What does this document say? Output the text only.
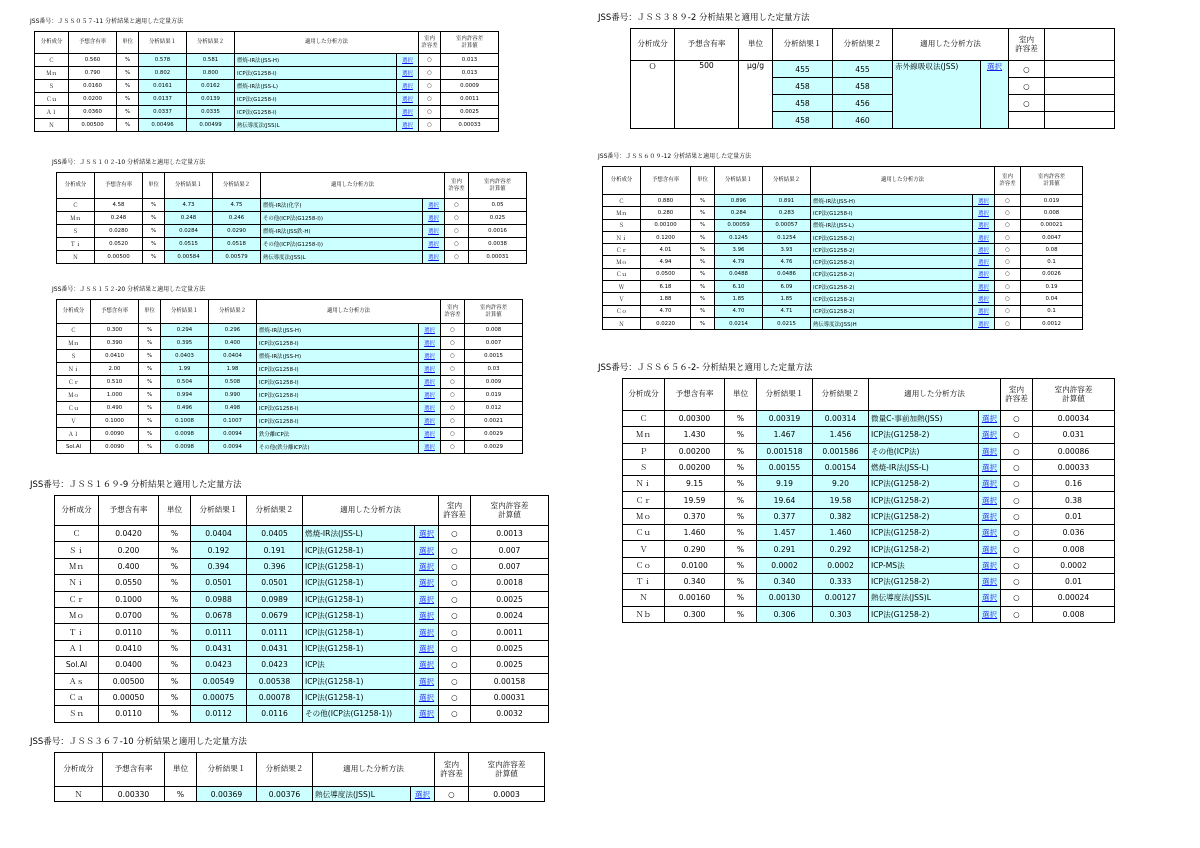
JSS番号：ＪＳＳ０５７-11 分析結果と適用した定量方法
分析成分	予想含有率	単位	分析結果１	分析結果２	適用した分析方法		室内
許容差	室内許容差
計算値
Ｃ	0.560	%	0.578	0.581	燃焼-IR法(JSS-H)	選択	○	0.013
Ｍｎ	0.790	%	0.802	0.800	ICP法(G1258-Ⅰ)	選択	○	0.013
Ｓ	0.0160	%	0.0161	0.0162	燃焼-IR法(JSS-L)	選択	○	0.0009
Ｃｕ	0.0200	%	0.0137	0.0139	ICP法(G1258-Ⅰ)	選択	○	0.0011
Ａｌ	0.0360	%	0.0337	0.0335	ICP法(G1258-Ⅰ)	選択	○	0.0025
Ｎ	0.00500	%	0.00496	0.00499	熱伝導度法(JSS)L	選択	○	0.00033
JSS番号：ＪＳＳ１０２-10 分析結果と適用した定量方法
分析成分	予想含有率	単位	分析結果１	分析結果２	適用した分析方法		室内
許容差	室内許容差
計算値
Ｃ	4.58	%	4.73	4.75	燃焼-IR法(化学)	選択	○	0.05
Ｍｎ	0.248	%	0.248	0.246	その他(ICP法(G1258-Ⅰ))	選択	○	0.025
Ｓ	0.0280	%	0.0284	0.0290	燃焼-IR法(JSS鉄-H)	選択	○	0.0016
Ｔｉ	0.0520	%	0.0515	0.0518	その他(ICP法(G1258-Ⅰ))	選択	○	0.0038
Ｎ	0.00500	%	0.00584	0.00579	熱伝導度法(JSS)L	選択	○	0.00031
JSS番号：ＪＳＳ１５２-20 分析結果と適用した定量方法
分析成分	予想含有率	単位	分析結果１	分析結果２	適用した分析方法		室内
許容差	室内許容差
計算値
Ｃ	0.300	%	0.294	0.296	燃焼-IR法(JSS-H)	選択	○	0.008
Ｍｎ	0.390	%	0.395	0.400	ICP法(G1258-Ⅰ)	選択	○	0.007
Ｓ	0.0410	%	0.0403	0.0404	燃焼-IR法(JSS-H)	選択	○	0.0015
Ｎｉ	2.00	%	1.99	1.98	ICP法(G1258-Ⅰ)	選択	○	0.03
Ｃｒ	0.510	%	0.504	0.508	ICP法(G1258-Ⅰ)	選択	○	0.009
Ｍｏ	1.000	%	0.994	0.990	ICP法(G1258-Ⅰ)	選択	○	0.019
Ｃｕ	0.490	%	0.496	0.498	ICP法(G1258-Ⅰ)	選択	○	0.012
Ｖ	0.1000	%	0.1008	0.1007	ICP法(G1258-Ⅰ)	選択	○	0.0021
Ａｌ	0.0090	%	0.0098	0.0094	鉄分離ICP法	選択	○	0.0029
Sol.Al	0.0090	%	0.0098	0.0094	その他(鉄分離ICP法)	選択	○	0.0029
JSS番号：ＪＳＳ１６９-9 分析結果と適用した定量方法
分析成分	予想含有率	単位	分析結果１	分析結果２	適用した分析方法		室内
許容差	室内許容差
計算値
Ｃ	0.0420	%	0.0404	0.0405	燃焼-IR法(JSS-L)	選択	○	0.0013
Ｓｉ	0.200	%	0.192	0.191	ICP法(G1258-1)	選択	○	0.007
Ｍｎ	0.400	%	0.394	0.396	ICP法(G1258-1)	選択	○	0.007
Ｎｉ	0.0550	%	0.0501	0.0501	ICP法(G1258-1)	選択	○	0.0018
Ｃｒ	0.1000	%	0.0988	0.0989	ICP法(G1258-1)	選択	○	0.0025
Ｍｏ	0.0700	%	0.0678	0.0679	ICP法(G1258-1)	選択	○	0.0024
Ｔｉ	0.0110	%	0.0111	0.0111	ICP法(G1258-1)	選択	○	0.0011
Ａｌ	0.0410	%	0.0431	0.0431	ICP法(G1258-1)	選択	○	0.0025
Sol.Al	0.0400	%	0.0423	0.0423	ICP法	選択	○	0.0025
Ａｓ	0.00500	%	0.00549	0.00538	ICP法(G1258-1)	選択	○	0.00158
Ｃａ	0.00050	%	0.00075	0.00078	ICP法(G1258-1)	選択	○	0.00031
Ｓｎ	0.0110	%	0.0112	0.0116	その他(ICP法(G1258-1))	選択	○	0.0032
JSS番号：ＪＳＳ３６７-10 分析結果と適用した定量方法
分析成分	予想含有率	単位	分析結果１	分析結果２	適用した分析方法		室内
許容差	室内許容差
計算値
Ｎ	0.00330	%	0.00369	0.00376	熱伝導度法(JSS)L	選択	○	0.0003
JSS番号：ＪＳＳ６０９-12 分析結果と適用した定量方法
分析成分	予想含有率	単位	分析結果１	分析結果２	適用した分析方法		室内
許容差	室内許容差
計算値
Ｃ	0.880	%	0.896	0.891	燃焼-IR法(JSS-H)	選択	○	0.019
Ｍｎ	0.280	%	0.284	0.283	ICP法(G1258-Ⅰ)	選択	○	0.008
Ｓ	0.00100	%	0.00059	0.00057	燃焼-IR法(JSS-L)	選択	○	0.00021
Ｎｉ	0.1200	%	0.1245	0.1254	ICP法(G1258-2)	選択	○	0.0047
Ｃｒ	4.01	%	3.96	3.93	ICP法(G1258-2)	選択	○	0.08
Ｍｏ	4.94	%	4.79	4.76	ICP法(G1258-2)	選択	○	0.1
Ｃｕ	0.0500	%	0.0488	0.0486	ICP法(G1258-2)	選択	○	0.0026
Ｗ	6.18	%	6.10	6.09	ICP法(G1258-2)	選択	○	0.19
Ｖ	1.88	%	1.85	1.85	ICP法(G1258-2)	選択	○	0.04
Ｃｏ	4.70	%	4.70	4.71	ICP法(G1258-2)	選択	○	0.1
Ｎ	0.0220	%	0.0214	0.0215	熱伝導度法(JSS)H	選択	○	0.0012
JSS番号：ＪＳＳ６５６-2- 分析結果と適用した定量方法
分析成分	予想含有率	単位	分析結果１	分析結果２	適用した分析方法		室内
許容差	室内許容差
計算値
Ｃ	0.00300	%	0.00319	0.00314	微量C-事前加熱(JSS)	選択	○	0.00034
Ｍｎ	1.430	%	1.467	1.456	ICP法(G1258-2)	選択	○	0.031
Ｐ	0.00200	%	0.001518	0.001586	その他(ICP法)	選択	○	0.00086
Ｓ	0.00200	%	0.00155	0.00154	燃焼-IR法(JSS-L)	選択	○	0.00033
Ｎｉ	9.15	%	9.19	9.20	ICP法(G1258-2)	選択	○	0.16
Ｃｒ	19.59	%	19.64	19.58	ICP法(G1258-2)	選択	○	0.38
Ｍｏ	0.370	%	0.377	0.382	ICP法(G1258-2)	選択	○	0.01
Ｃｕ	1.460	%	1.457	1.460	ICP法(G1258-2)	選択	○	0.036
Ｖ	0.290	%	0.291	0.292	ICP法(G1258-2)	選択	○	0.008
Ｃｏ	0.0100	%	0.0002	0.0002	ICP-MS法	選択	○	0.0002
Ｔｉ	0.340	%	0.340	0.333	ICP法(G1258-2)	選択	○	0.01
Ｎ	0.00160	%	0.00130	0.00127	熱伝導度法(JSS)L	選択	○	0.00024
Ｎｂ	0.300	%	0.306	0.303	ICP法(G1258-2)	選択	○	0.008
JSS番号：ＪＳＳ３８９-2 分析結果と適用した定量方法
分析成分	予想含有率	単位	分析結果１	分析結果２	適用した分析方法		室内
許容差	
Ｏ	500	μg/g	455	455	赤外線吸収法(JSS)	選択	○	
			458	458			○	
			458	456			○	
			458	460				
